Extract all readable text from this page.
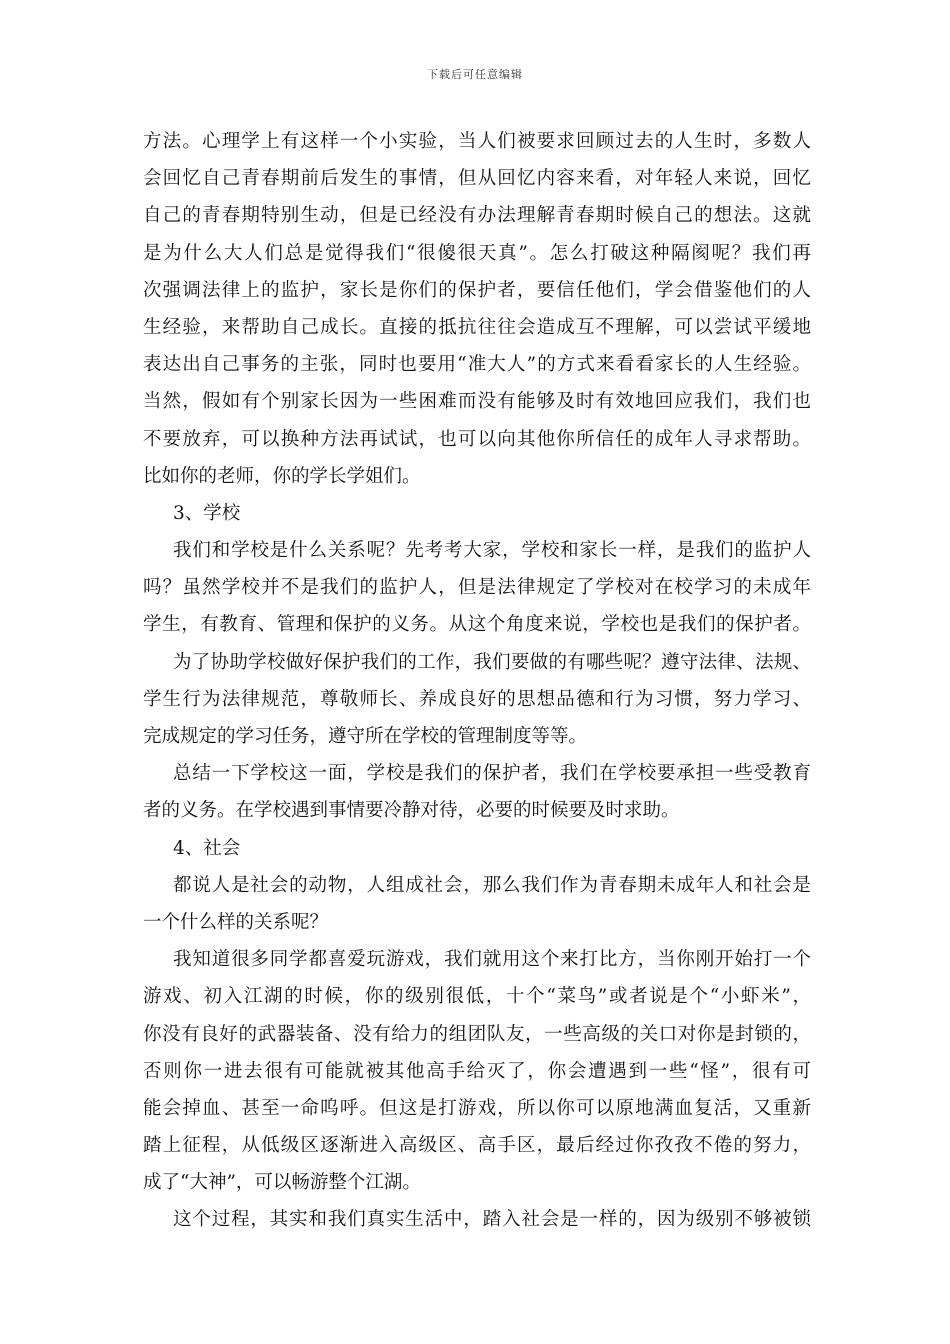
下载后可任意编辑
方法。心理学上有这样一个小实验，当人们被要求回顾过去的人生时，多数人
会回忆自己青春期前后发生的事情，但从回忆内容来看，对年轻人来说，回忆
自己的青春期特别生动，但是已经没有办法理解青春期时候自己的想法。这就
是为什么大人们总是觉得我们“很傻很天真”。怎么打破这种隔阂呢？我们再
次强调法律上的监护，家长是你们的保护者，要信任他们，学会借鉴他们的人
生经验，来帮助自己成长。直接的抵抗往往会造成互不理解，可以尝试平缓地
表达出自己事务的主张，同时也要用“准大人”的方式来看看家长的人生经验。
当然，假如有个别家长因为一些困难而没有能够及时有效地回应我们，我们也
不要放弃，可以换种方法再试试，也可以向其他你所信任的成年人寻求帮助。
比如你的老师，你的学长学姐们。
3、学校
我们和学校是什么关系呢？先考考大家，学校和家长一样，是我们的监护人
吗？虽然学校并不是我们的监护人，但是法律规定了学校对在校学习的未成年
学生，有教育、管理和保护的义务。从这个角度来说，学校也是我们的保护者。
为了协助学校做好保护我们的工作，我们要做的有哪些呢？遵守法律、法规、
学生行为法律规范，尊敬师长、养成良好的思想品德和行为习惯，努力学习、
完成规定的学习任务，遵守所在学校的管理制度等等。
总结一下学校这一面，学校是我们的保护者，我们在学校要承担一些受教育
者的义务。在学校遇到事情要冷静对待，必要的时候要及时求助。
4、社会
都说人是社会的动物，人组成社会，那么我们作为青春期未成年人和社会是
一个什么样的关系呢？
我知道很多同学都喜爱玩游戏，我们就用这个来打比方，当你刚开始打一个
游戏、初入江湖的时候，你的级别很低，十个“菜鸟”或者说是个“小虾米”，
你没有良好的武器装备、没有给力的组团队友，一些高级的关口对你是封锁的，
否则你一进去很有可能就被其他高手给灭了，你会遭遇到一些“怪”，很有可
能会掉血、甚至一命呜呼。但这是打游戏，所以你可以原地满血复活，又重新
踏上征程，从低级区逐渐进入高级区、高手区，最后经过你孜孜不倦的努力，
成了“大神”，可以畅游整个江湖。
这个过程，其实和我们真实生活中，踏入社会是一样的，因为级别不够被锁
